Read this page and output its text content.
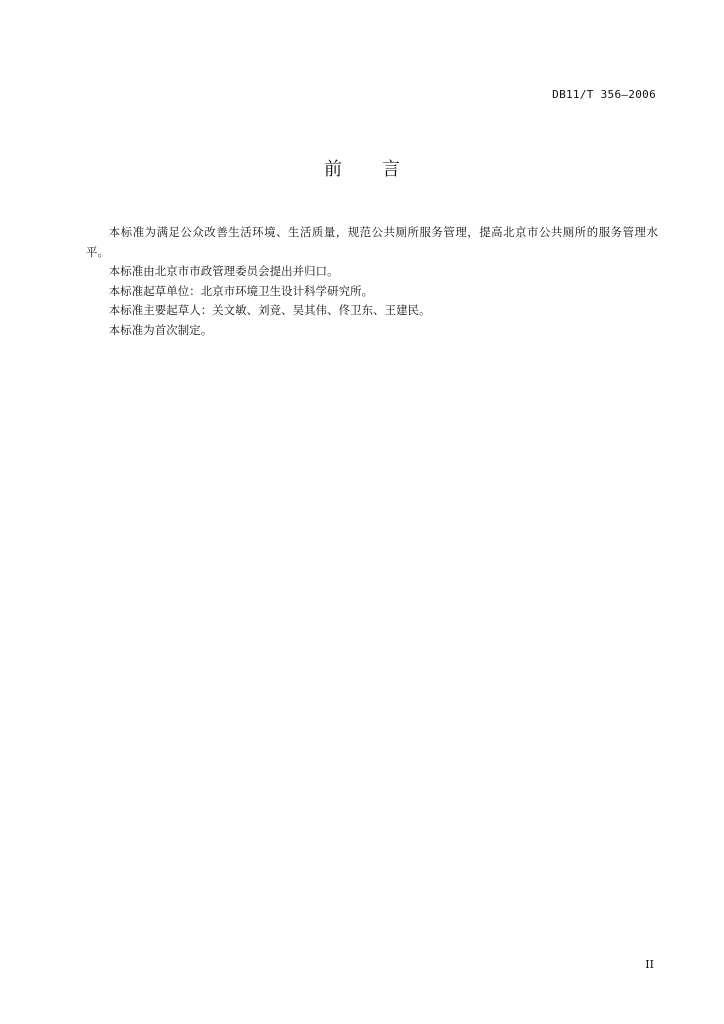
DB11/T 356—2006
前言

本标准为满足公众改善生活环境、生活质量，规范公共厕所服务管理，提高北京市公共厕所的服务管理水平。

本标准由北京市市政管理委员会提出并归口。

本标准起草单位：北京市环境卫生设计科学研究所。

本标准主要起草人：关文敏、刘竞、吴其伟、佟卫东、王建民。

本标准为首次制定。

II
